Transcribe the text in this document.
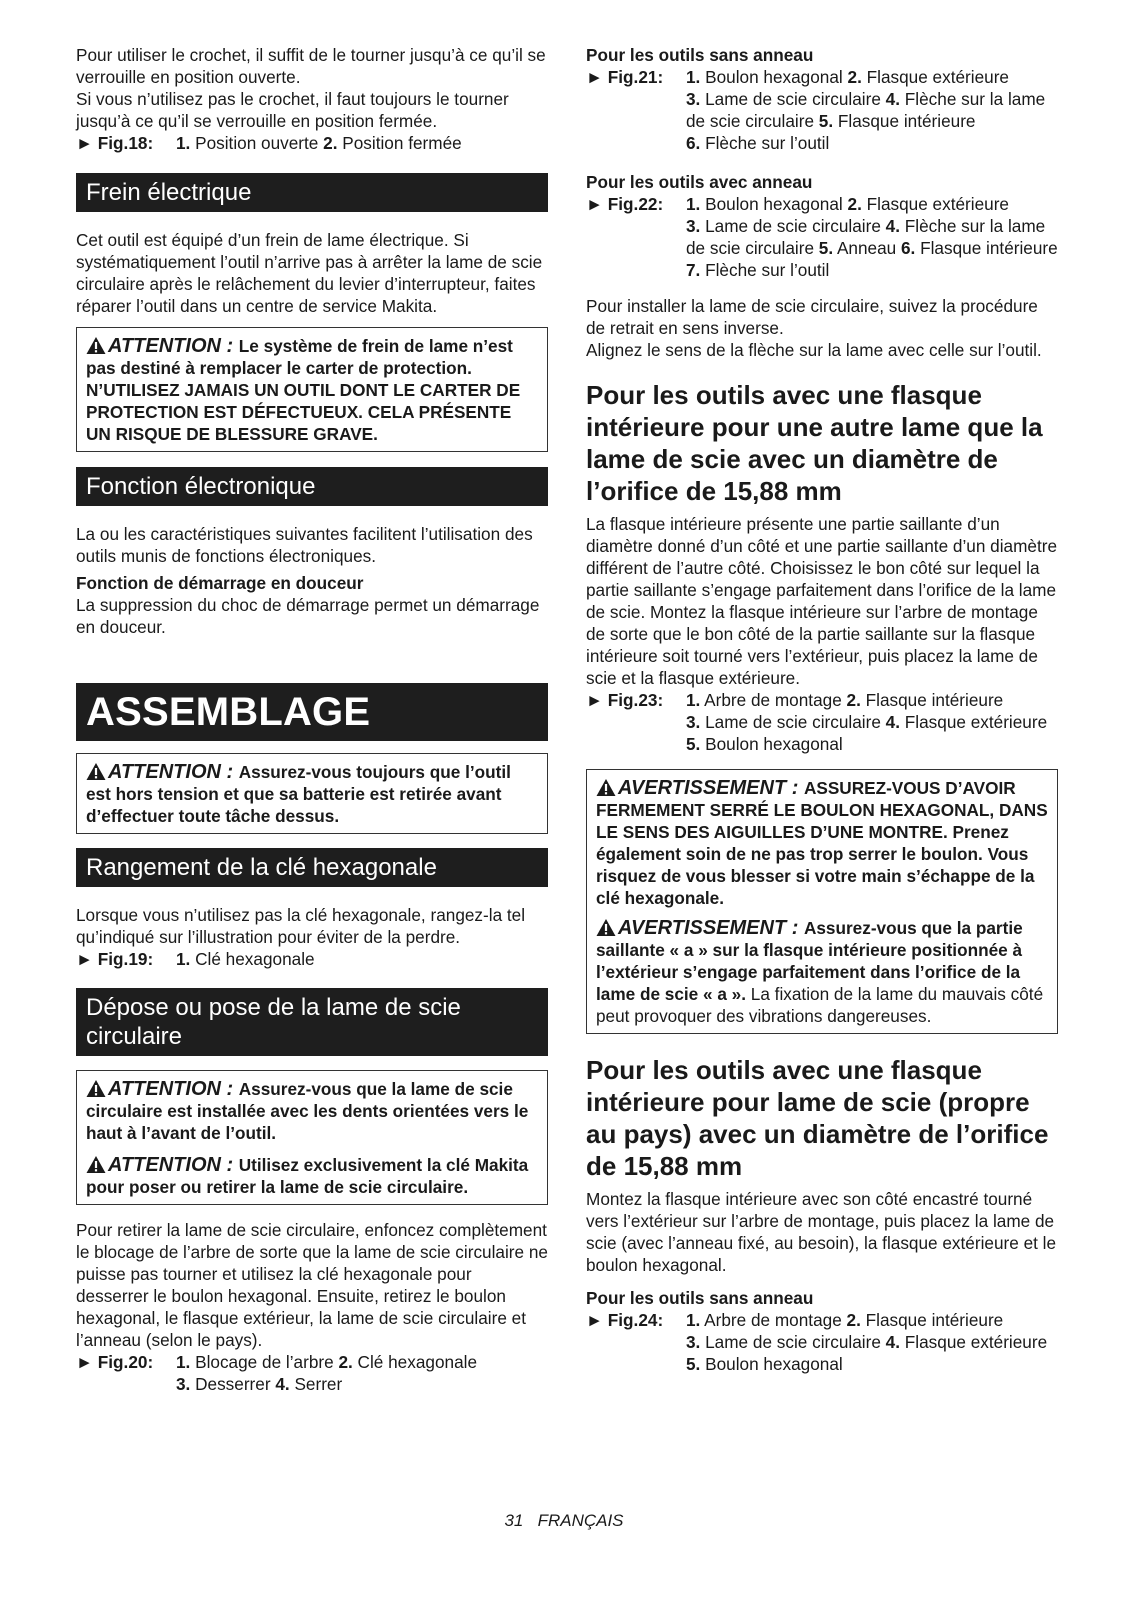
Pour utiliser le crochet, il suffit de le tourner jusqu’à ce qu’il se verrouille en position ouverte.

Si vous n’utilisez pas le crochet, il faut toujours le tourner jusqu’à ce qu’il se verrouille en position fermée.

► Fig.18:	1. Position ouverte 2. Position fermée
Frein électrique

Cet outil est équipé d’un frein de lame électrique. Si systématiquement l’outil n’arrive pas à arrêter la lame de scie circulaire après le relâchement du levier d’interrupteur, faites réparer l’outil dans un centre de service Makita.

ATTENTION : Le système de frein de lame n’est pas destiné à remplacer le carter de protection. N’UTILISEZ JAMAIS UN OUTIL DONT LE CARTER DE PROTECTION EST DÉFECTUEUX. CELA PRÉSENTE UN RISQUE DE BLESSURE GRAVE.

Fonction électronique

La ou les caractéristiques suivantes facilitent l’utilisation des outils munis de fonctions électroniques.

Fonction de démarrage en douceur

La suppression du choc de démarrage permet un démarrage en douceur.

ASSEMBLAGE

ATTENTION : Assurez-vous toujours que l’outil est hors tension et que sa batterie est retirée avant d’effectuer toute tâche dessus.

Rangement de la clé hexagonale

Lorsque vous n’utilisez pas la clé hexagonale, rangez-la tel qu’indiqué sur l’illustration pour éviter de la perdre.

► Fig.19:	1. Clé hexagonale
Dépose ou pose de la lame de scie circulaire

ATTENTION : Assurez-vous que la lame de scie circulaire est installée avec les dents orientées vers le haut à l’avant de l’outil.

ATTENTION : Utilisez exclusivement la clé Makita pour poser ou retirer la lame de scie circulaire.

Pour retirer la lame de scie circulaire, enfoncez complètement le blocage de l’arbre de sorte que la lame de scie circulaire ne puisse pas tourner et utilisez la clé hexagonale pour desserrer le boulon hexagonal. Ensuite, retirez le boulon hexagonal, le flasque extérieur, la lame de scie circulaire et l’anneau (selon le pays).

► Fig.20:	1. Blocage de l’arbre 2. Clé hexagonale
3. Desserrer 4. Serrer

Pour les outils sans anneau

► Fig.21:	1. Boulon hexagonal 2. Flasque extérieure
3. Lame de scie circulaire 4. Flèche sur la lame de scie circulaire 5. Flasque intérieure
6. Flèche sur l’outil

Pour les outils avec anneau

► Fig.22:	1. Boulon hexagonal 2. Flasque extérieure
3. Lame de scie circulaire 4. Flèche sur la lame de scie circulaire 5. Anneau 6. Flasque intérieure 7. Flèche sur l’outil

Pour installer la lame de scie circulaire, suivez la procédure de retrait en sens inverse.

Alignez le sens de la flèche sur la lame avec celle sur l’outil.

Pour les outils avec une flasque intérieure pour une autre lame que la lame de scie avec un diamètre de l’orifice de 15,88 mm

La flasque intérieure présente une partie saillante d’un diamètre donné d’un côté et une partie saillante d’un diamètre différent de l’autre côté. Choisissez le bon côté sur lequel la partie saillante s’engage parfaitement dans l’orifice de la lame de scie. Montez la flasque intérieure sur l’arbre de montage de sorte que le bon côté de la partie saillante sur la flasque intérieure soit tourné vers l’extérieur, puis placez la lame de scie et la flasque extérieure.

► Fig.23:	1. Arbre de montage 2. Flasque intérieure
3. Lame de scie circulaire 4. Flasque extérieure 5. Boulon hexagonal

AVERTISSEMENT : ASSUREZ-VOUS D’AVOIR FERMEMENT SERRÉ LE BOULON HEXAGONAL, DANS LE SENS DES AIGUILLES D’UNE MONTRE. Prenez également soin de ne pas trop serrer le boulon. Vous risquez de vous blesser si votre main s’échappe de la clé hexagonale.

AVERTISSEMENT : Assurez-vous que la partie saillante « a » sur la flasque intérieure positionnée à l’extérieur s’engage parfaitement dans l’orifice de la lame de scie « a ». La fixation de la lame du mauvais côté peut provoquer des vibrations dangereuses.

Pour les outils avec une flasque intérieure pour lame de scie (propre au pays) avec un diamètre de l’orifice de 15,88 mm

Montez la flasque intérieure avec son côté encastré tourné vers l’extérieur sur l’arbre de montage, puis placez la lame de scie (avec l’anneau fixé, au besoin), la flasque extérieure et le boulon hexagonal.

Pour les outils sans anneau

► Fig.24:	1. Arbre de montage 2. Flasque intérieure
3. Lame de scie circulaire 4. Flasque extérieure 5. Boulon hexagonal
31 FRANÇAIS
